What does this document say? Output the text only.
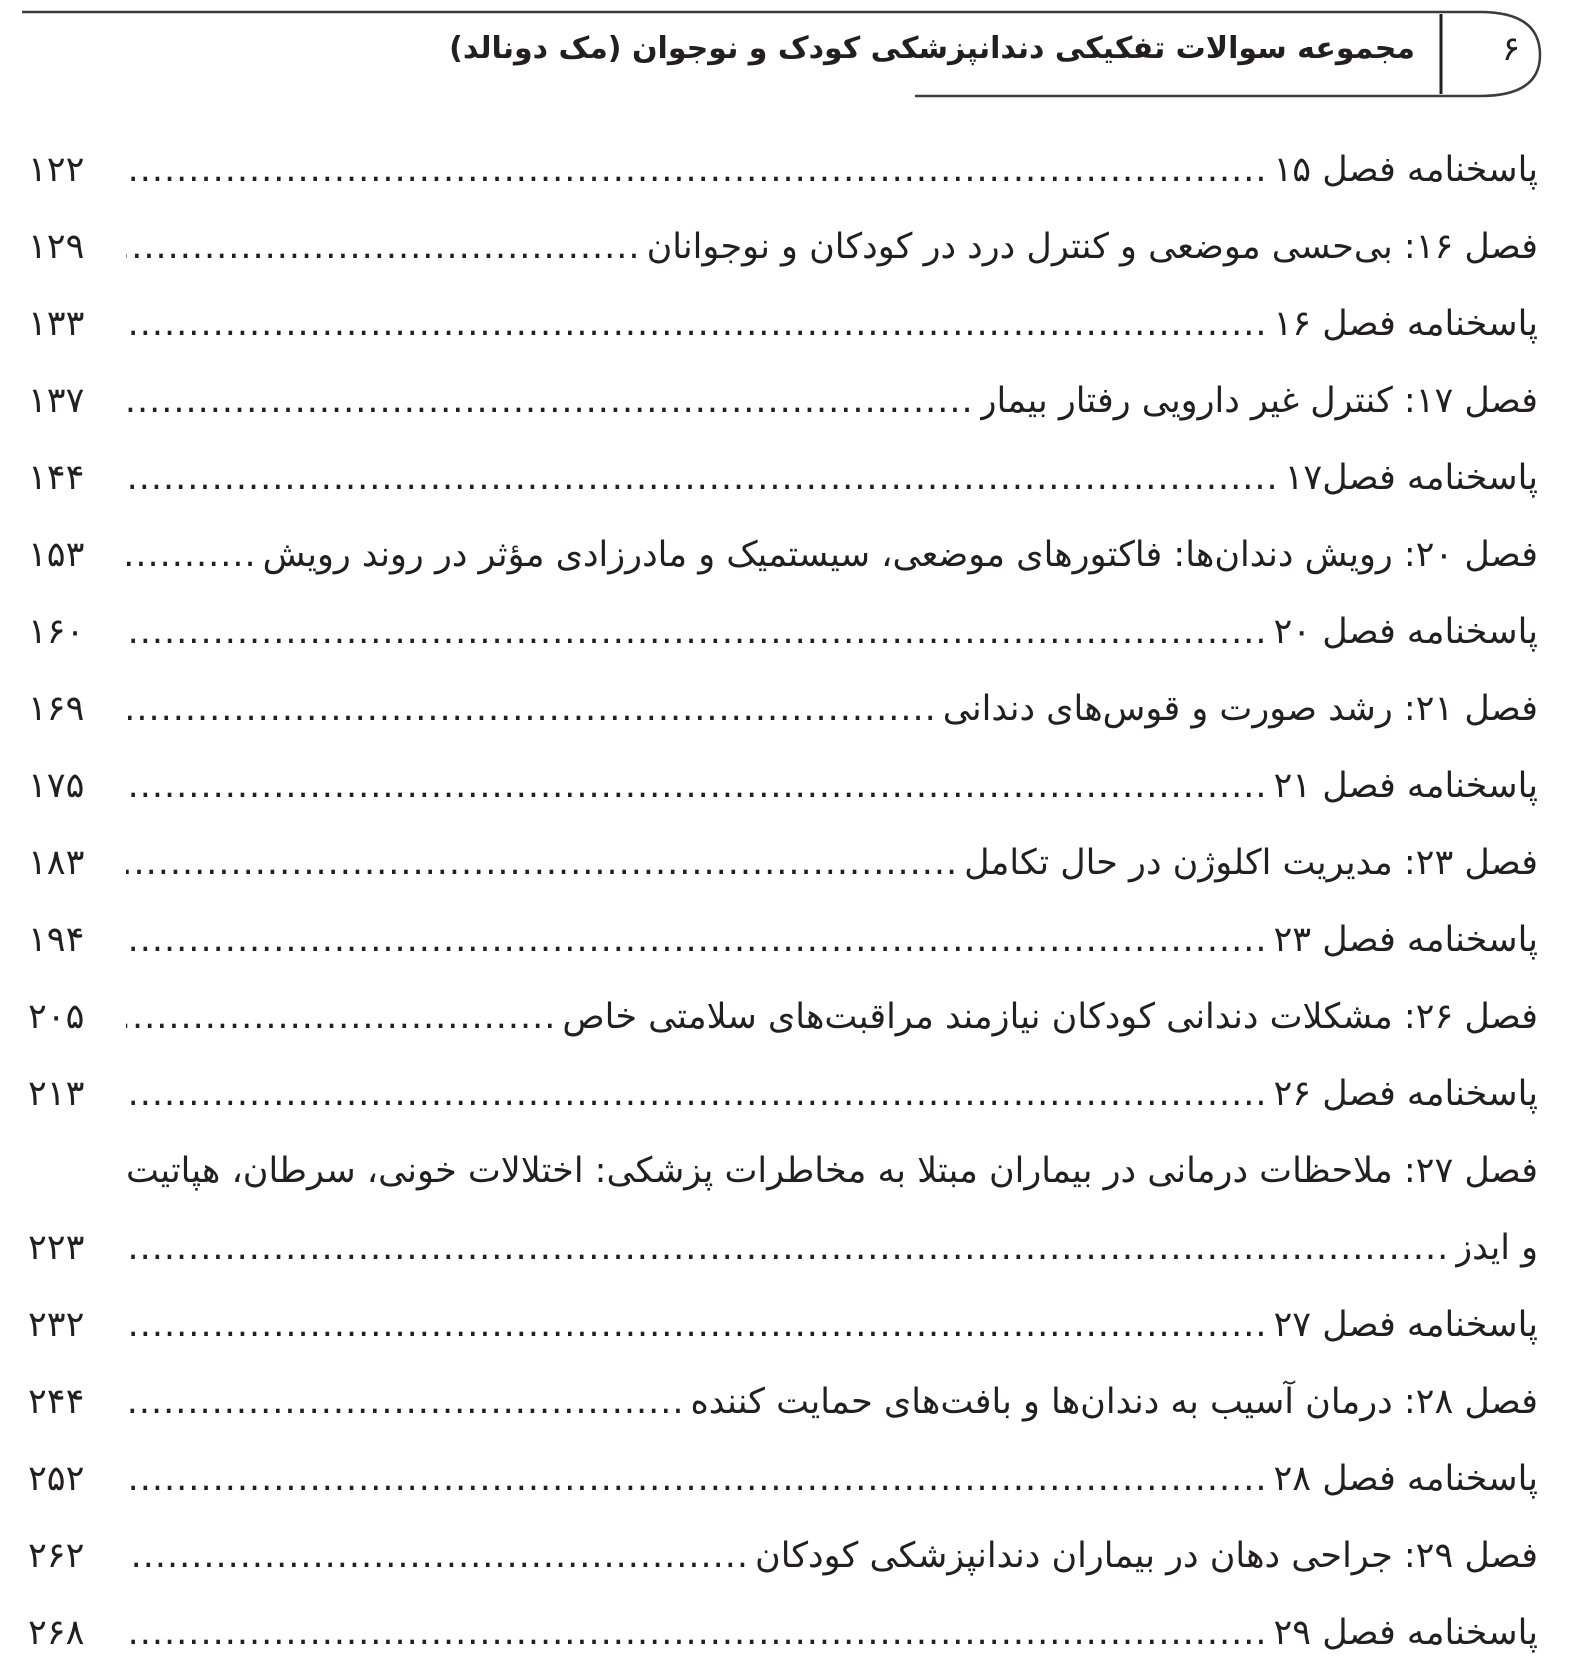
۶
مجموعه سوالات تفکیکی دندانپزشکی کودک و نوجوان (مک دونالد)
پاسخنامه فصل ۱۵
.....
۱۲۲
فصل ۱۶: بی‌حسی موضعی و کنترل درد در کودکان و نوجوانان
.....
۱۲۹
پاسخنامه فصل ۱۶
.....
۱۳۳
فصل ۱۷: کنترل غیر دارویی رفتار بیمار
.....
۱۳۷
پاسخنامه فصل۱۷
.....
۱۴۴
فصل ۲۰: رویش دندان‌ها: فاکتورهای موضعی، سیستمیک و مادرزادی مؤثر در روند رویش
.....
۱۵۳
پاسخنامه فصل ۲۰
.....
۱۶۰
فصل ۲۱: رشد صورت و قوس‌های دندانی
.....
۱۶۹
پاسخنامه فصل ۲۱
.....
۱۷۵
فصل ۲۳: مدیریت اکلوژن در حال تکامل
.....
۱۸۳
پاسخنامه فصل ۲۳
.....
۱۹۴
فصل ۲۶: مشکلات دندانی کودکان نیازمند مراقبت‌های سلامتی خاص
.....
۲۰۵
پاسخنامه فصل ۲۶
.....
۲۱۳
فصل ۲۷: ملاحظات درمانی در بیماران مبتلا به مخاطرات پزشکی: اختلالات خونی، سرطان، هپاتیت
و ایدز
.....
۲۲۳
پاسخنامه فصل ۲۷
.....
۲۳۲
فصل ۲۸: درمان آسیب به دندان‌ها و بافت‌های حمایت کننده
.....
۲۴۴
پاسخنامه فصل ۲۸
.....
۲۵۲
فصل ۲۹: جراحی دهان در بیماران دندانپزشکی کودکان
.....
۲۶۲
پاسخنامه فصل ۲۹
.....
۲۶۸
